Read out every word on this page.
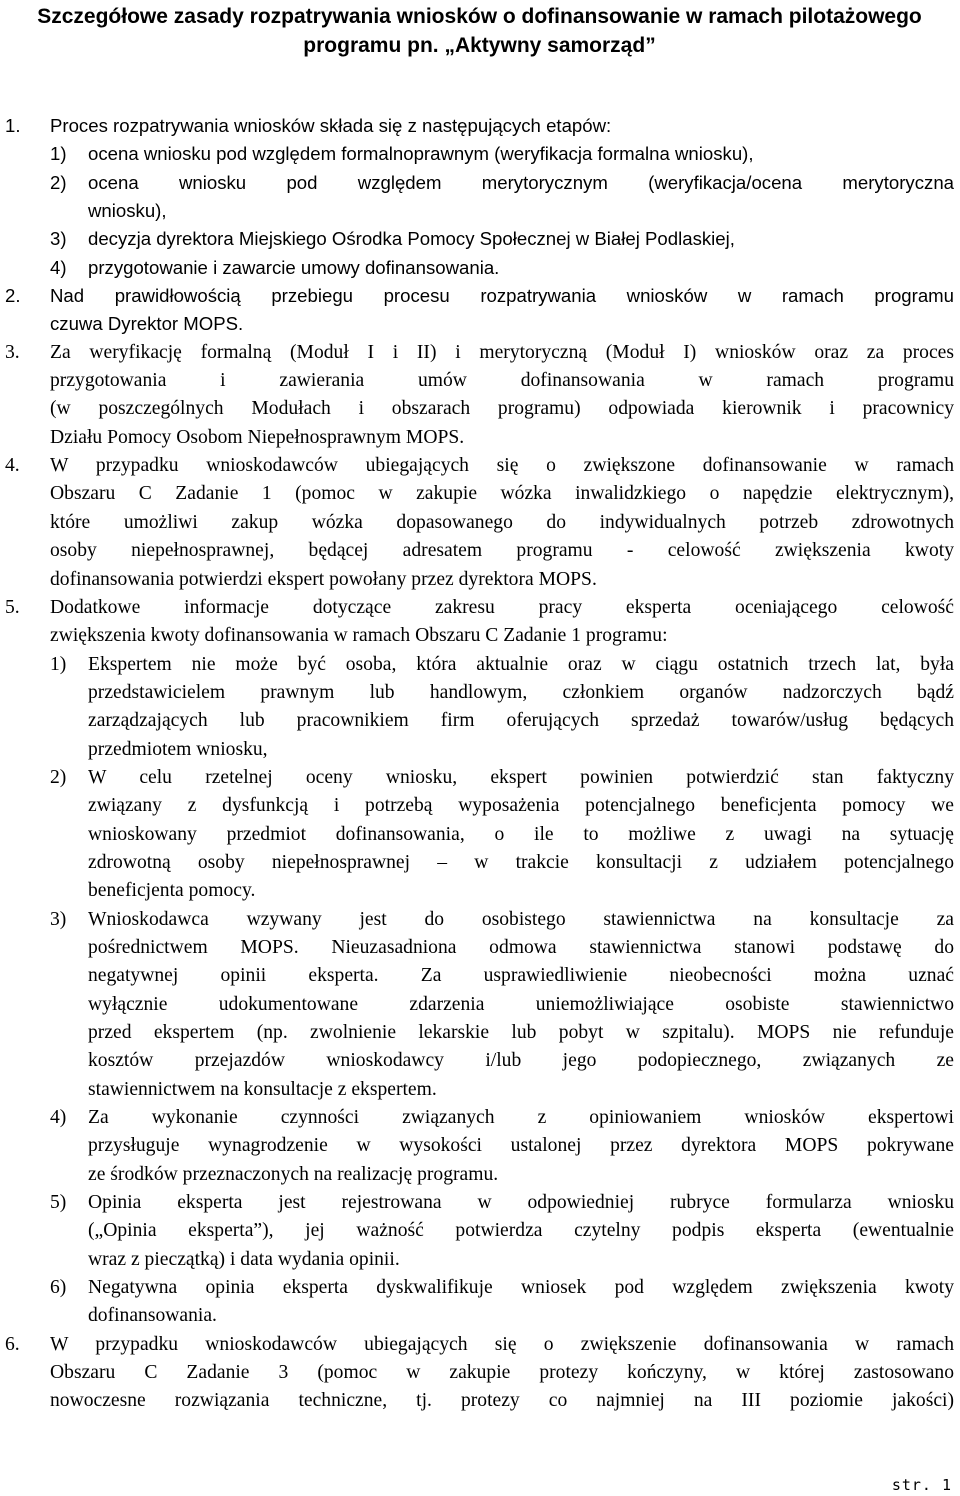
Szczegółowe zasady rozpatrywania wniosków o dofinansowanie w ramach pilotażowego
programu pn. „Aktywny samorząd”
1. Proces rozpatrywania wniosków składa się z następujących etapów:
1) ocena wniosku pod względem formalnoprawnym (weryfikacja formalna wniosku),
2) ocena wniosku pod względem merytorycznym (weryfikacja/ocena merytoryczna
wniosku),
3) decyzja dyrektora Miejskiego Ośrodka Pomocy Społecznej w Białej Podlaskiej,
4) przygotowanie i zawarcie umowy dofinansowania.
2. Nad prawidłowością przebiegu procesu rozpatrywania wniosków w ramach programu
czuwa Dyrektor MOPS.
3. Za weryfikację formalną (Moduł I i II) i merytoryczną (Moduł I) wniosków oraz za proces
przygotowania i zawierania umów dofinansowania w ramach programu
(w poszczególnych Modułach i obszarach programu) odpowiada kierownik i pracownicy
Działu Pomocy Osobom Niepełnosprawnym MOPS.
4. W przypadku wnioskodawców ubiegających się o zwiększone dofinansowanie w ramach
Obszaru C Zadanie 1 (pomoc w zakupie wózka inwalidzkiego o napędzie elektrycznym),
które umożliwi zakup wózka dopasowanego do indywidualnych potrzeb zdrowotnych
osoby niepełnosprawnej, będącej adresatem programu - celowość zwiększenia kwoty
dofinansowania potwierdzi ekspert powołany przez dyrektora MOPS.
5. Dodatkowe informacje dotyczące zakresu pracy eksperta oceniającego celowość
zwiększenia kwoty dofinansowania w ramach Obszaru C Zadanie 1 programu:
1) Ekspertem nie może być osoba, która aktualnie oraz w ciągu ostatnich trzech lat, była
przedstawicielem prawnym lub handlowym, członkiem organów nadzorczych bądź
zarządzających lub pracownikiem firm oferujących sprzedaż towarów/usług będących
przedmiotem wniosku,
2) W celu rzetelnej oceny wniosku, ekspert powinien potwierdzić stan faktyczny
związany z dysfunkcją i potrzebą wyposażenia potencjalnego beneficjenta pomocy we
wnioskowany przedmiot dofinansowania, o ile to możliwe z uwagi na sytuację
zdrowotną osoby niepełnosprawnej – w trakcie konsultacji z udziałem potencjalnego
beneficjenta pomocy.
3) Wnioskodawca wzywany jest do osobistego stawiennictwa na konsultacje za
pośrednictwem MOPS. Nieuzasadniona odmowa stawiennictwa stanowi podstawę do
negatywnej opinii eksperta. Za usprawiedliwienie nieobecności można uznać
wyłącznie udokumentowane zdarzenia uniemożliwiające osobiste stawiennictwo
przed ekspertem (np. zwolnienie lekarskie lub pobyt w szpitalu). MOPS nie refunduje
kosztów przejazdów wnioskodawcy i/lub jego podopiecznego, związanych ze
stawiennictwem na konsultacje z ekspertem.
4) Za wykonanie czynności związanych z opiniowaniem wniosków ekspertowi
przysługuje wynagrodzenie w wysokości ustalonej przez dyrektora MOPS pokrywane
ze środków przeznaczonych na realizację programu.
5) Opinia eksperta jest rejestrowana w odpowiedniej rubryce formularza wniosku
(„Opinia eksperta”), jej ważność potwierdza czytelny podpis eksperta (ewentualnie
wraz z pieczątką) i data wydania opinii.
6) Negatywna opinia eksperta dyskwalifikuje wniosek pod względem zwiększenia kwoty
dofinansowania.
6. W przypadku wnioskodawców ubiegających się o zwiększenie dofinansowania w ramach
Obszaru C Zadanie 3 (pomoc w zakupie protezy kończyny, w której zastosowano
nowoczesne rozwiązania techniczne, tj. protezy co najmniej na III poziomie jakości)
str. 1
